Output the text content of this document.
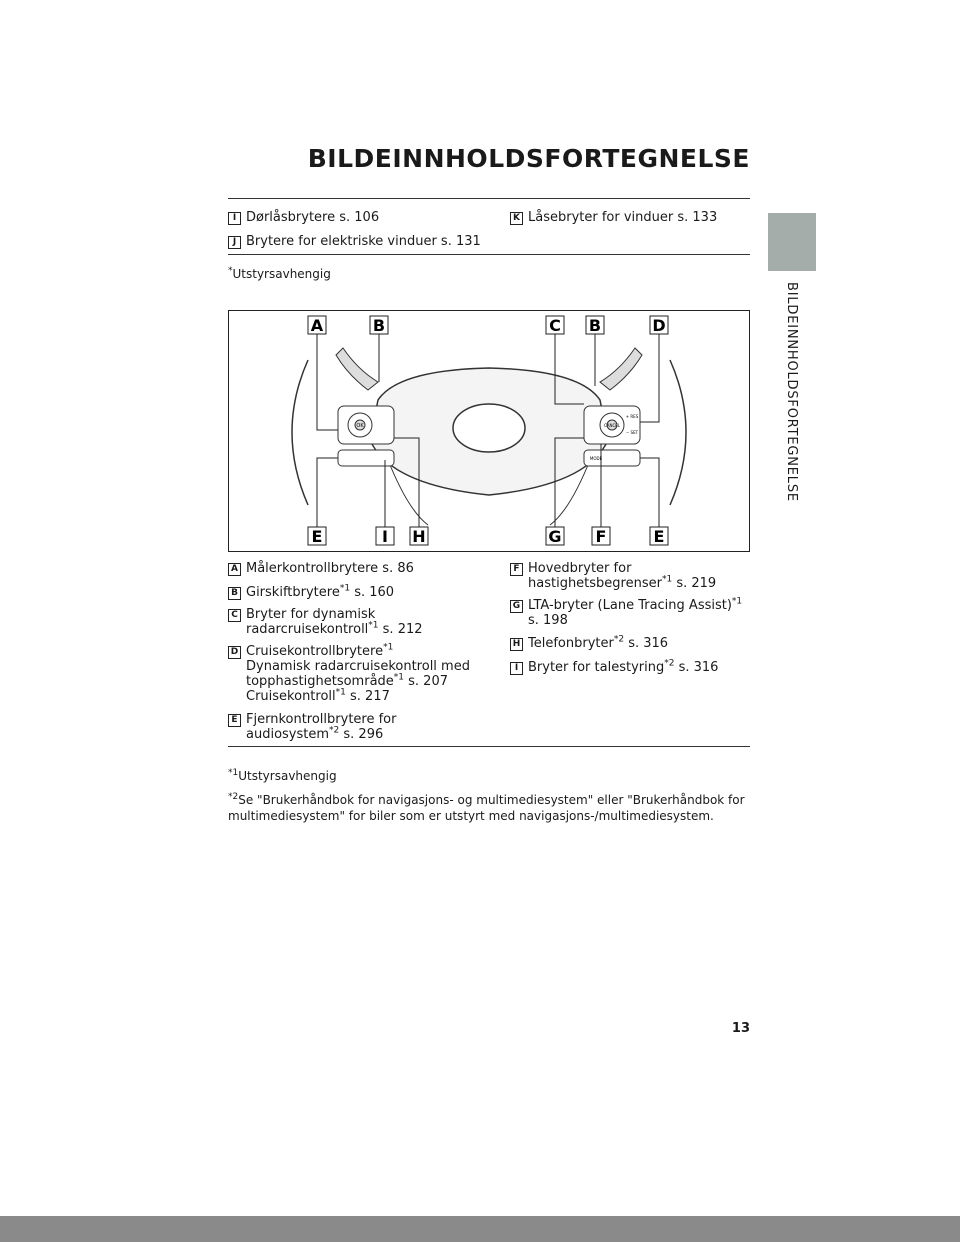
BILDEINNHOLDSFORTEGNELSE
BILDEINNHOLDSFORTEGNELSE
I Dørlåsbrytere s. 106
J Brytere for elektriske vinduer s. 131
K Låsebryter for vinduer s. 133
*Utstyrsavhengig
OK	CANCEL
+ RES
− SET
MODE
A	B	C B	D
E	I H	G F	E
A Målerkontrollbrytere s. 86
B Girskiftbrytere$^{*1}$ s. 160
C Bryter for dynamisk
radarcruisekontroll$^{*1}$ s. 212
D Cruisekontrollbrytere$^{*1}$
Dynamisk radarcruisekontroll med
topphastighetsområde$^{*1}$ s. 207
Cruisekontroll$^{*1}$ s. 217
E Fjernkontrollbrytere for
audiosystem$^{*2}$ s. 296
F Hovedbryter for
hastighetsbegrenser$^{*1}$ s. 219
G LTA-bryter (Lane Tracing Assist)$^{*1}$
s. 198
H Telefonbryter$^{*2}$ s. 316
I Bryter for talestyring$^{*2}$ s. 316
$^{*1}$Utstyrsavhengig
$^{*2}$Se "Brukerhåndbok for navigasjons- og multimediesystem" eller "Brukerhåndbok for multimediesystem" for biler som er utstyrt med navigasjons-/multimediesystem.
13
